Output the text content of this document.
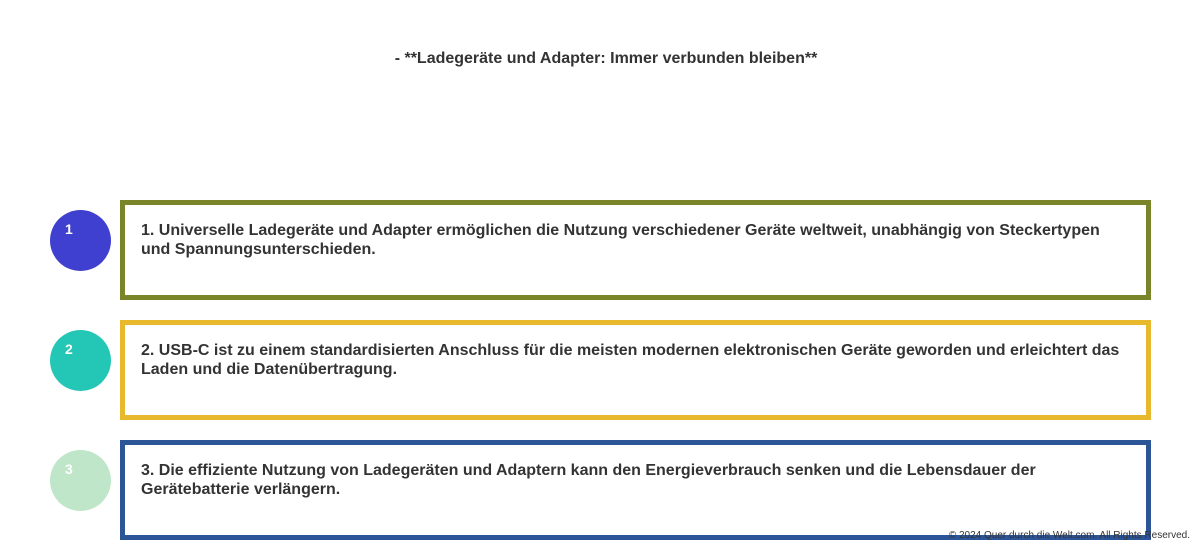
- **Ladegeräte und Adapter: Immer verbunden bleiben**
1	1. Universelle Ladegeräte und Adapter ermöglichen die Nutzung verschiedener Geräte weltweit, unabhängig von Steckertypen und Spannungsunterschieden.
2	2. USB-C ist zu einem standardisierten Anschluss für die meisten modernen elektronischen Geräte geworden und erleichtert das Laden und die Datenübertragung.
3	3. Die effiziente Nutzung von Ladegeräten und Adaptern kann den Energieverbrauch senken und die Lebensdauer der Gerätebatterie verlängern.
© 2024 Quer durch die Welt.com. All Rights Reserved.
